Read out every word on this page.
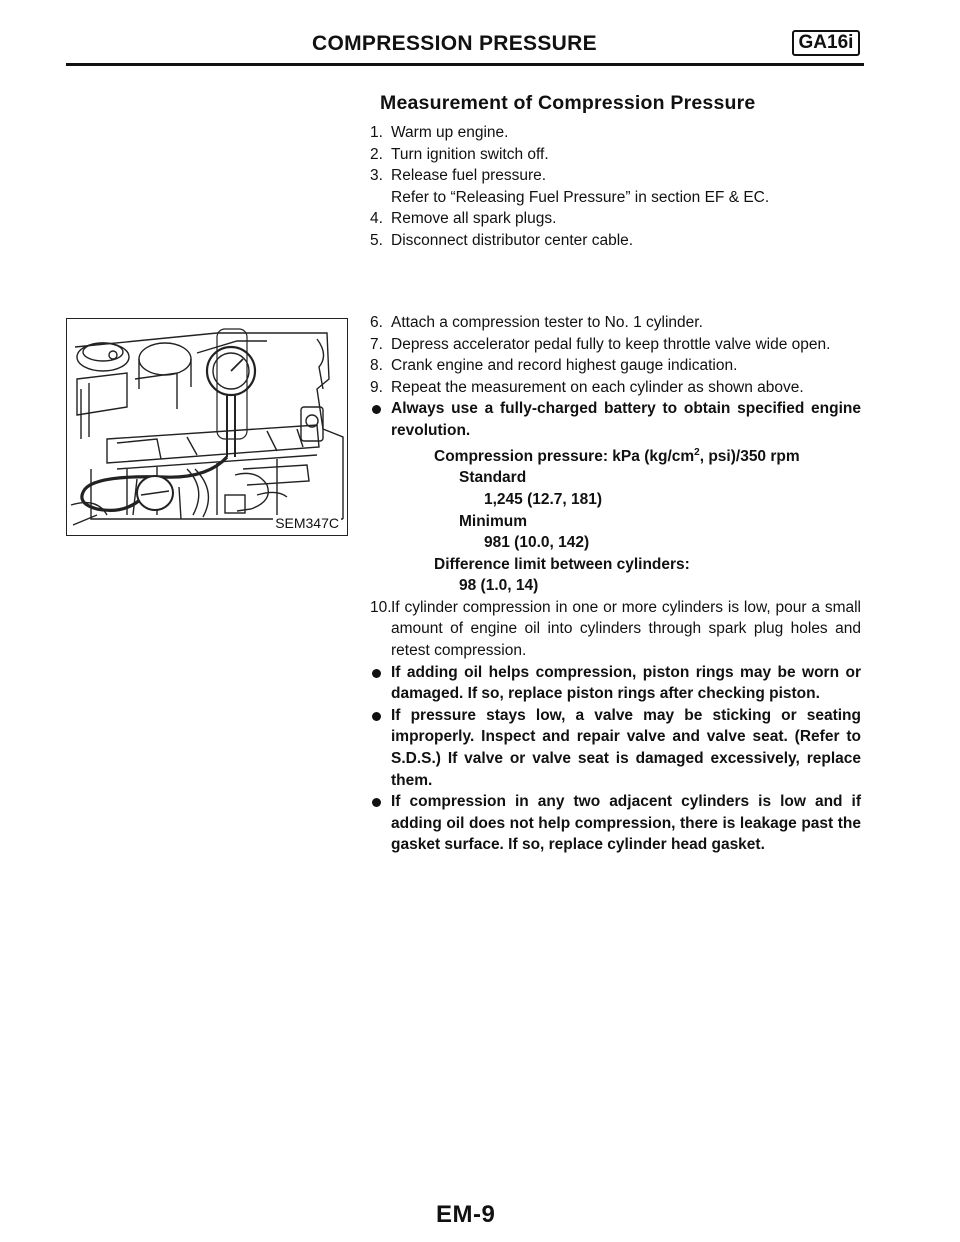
COMPRESSION PRESSURE	GA16i
Measurement of Compression Pressure
1. Warm up engine.
2. Turn ignition switch off.
3. Release fuel pressure.
Refer to “Releasing Fuel Pressure” in section EF & EC.
4. Remove all spark plugs.
5. Disconnect distributor center cable.
SEM347C
6. Attach a compression tester to No. 1 cylinder.
7. Depress accelerator pedal fully to keep throttle valve wide open.
8. Crank engine and record highest gauge indication.
9. Repeat the measurement on each cylinder as shown above.
Always use a fully-charged battery to obtain specified engine revolution.
Compression pressure: kPa ($kg/cm^2$, psi)/350 rpm
Standard
1,245 (12.7, 181)
Minimum
981 (10.0, 142)
Difference limit between cylinders:
98 (1.0, 14)
10. If cylinder compression in one or more cylinders is low, pour a small amount of engine oil into cylinders through spark plug holes and retest compression.
If adding oil helps compression, piston rings may be worn or damaged. If so, replace piston rings after checking piston.
If pressure stays low, a valve may be sticking or seating improperly. Inspect and repair valve and valve seat. (Refer to S.D.S.) If valve or valve seat is damaged excessively, replace them.
If compression in any two adjacent cylinders is low and if adding oil does not help compression, there is leakage past the gasket surface. If so, replace cylinder head gasket.
EM-9
